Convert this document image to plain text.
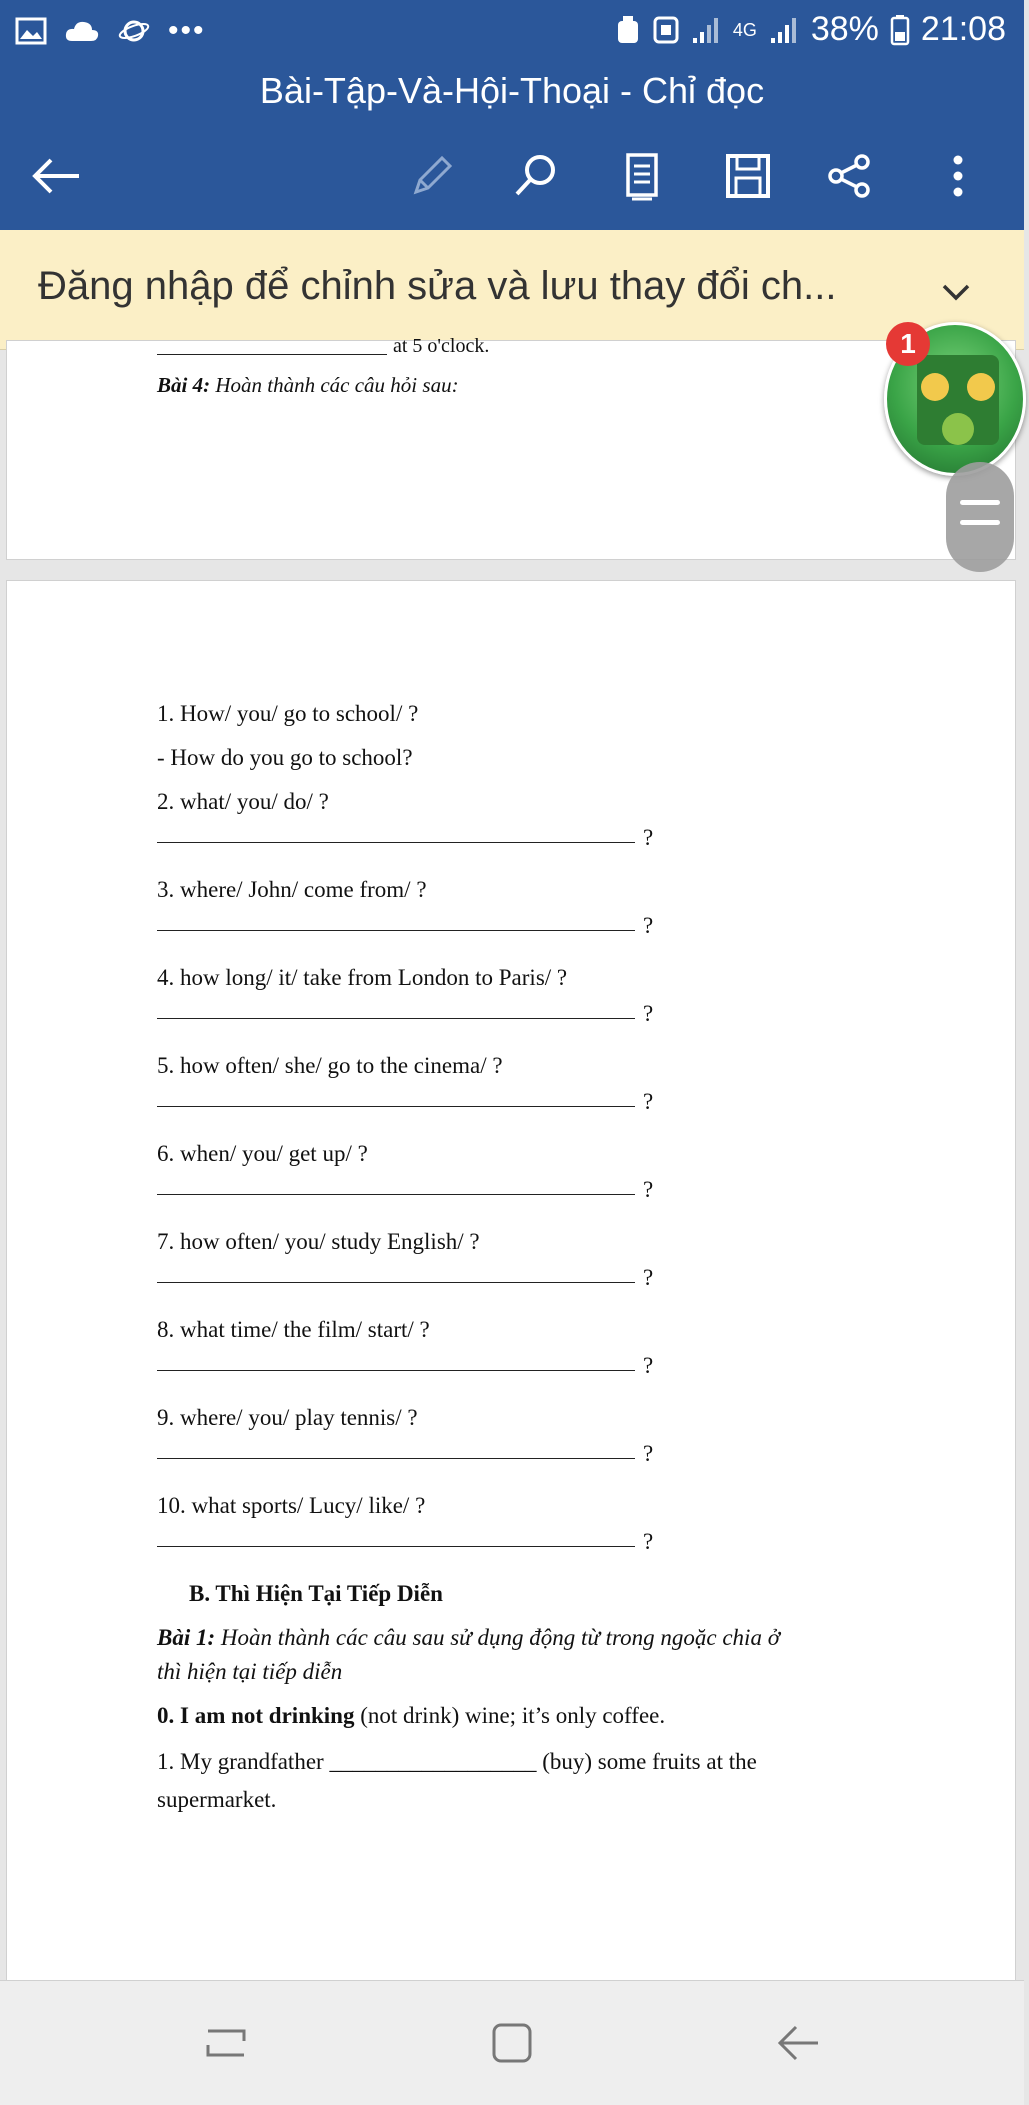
•••	4G 38% 21:08
Bài-Tập-Và-Hội-Thoại - Chỉ đọc
Đăng nhập để chỉnh sửa và lưu thay đổi ch...
at 5 o'clock.
Bài 4: Hoàn thành các câu hỏi sau:
1. How/ you/ go to school/ ?
- How do you go to school?
2. what/ you/ do/ ?
?
3. where/ John/ come from/ ?
?
4. how long/ it/ take from London to Paris/ ?
?
5. how often/ she/ go to the cinema/ ?
?
6. when/ you/ get up/ ?
?
7. how often/ you/ study English/ ?
?
8. what time/ the film/ start/ ?
?
9. where/ you/ play tennis/ ?
?
10. what sports/ Lucy/ like/ ?
?
B. Thì Hiện Tại Tiếp Diễn
Bài 1: Hoàn thành các câu sau sử dụng động từ trong ngoặc chia ở
thì hiện tại tiếp diễn
0. I am not drinking (not drink) wine; it’s only coffee.
1. My grandfather __________________ (buy) some fruits at the
supermarket.
1
